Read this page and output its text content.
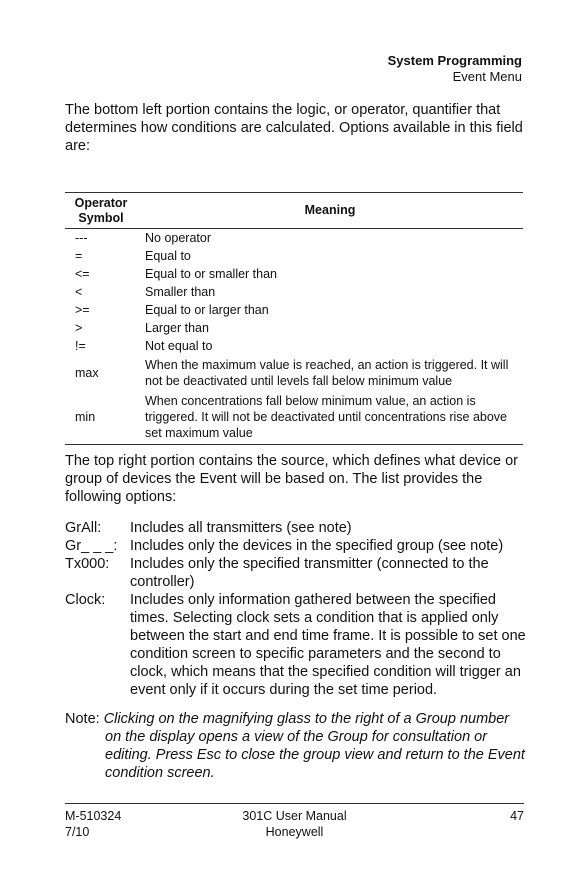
System Programming
Event Menu

The bottom left portion contains the logic, or operator, quantifier that determines how conditions are calculated. Options available in this field are:

Operator
Symbol	Meaning
---	No operator
=	Equal to
<=	Equal to or smaller than
<	Smaller than
>=	Equal to or larger than
>	Larger than
!=	Not equal to
max	When the maximum value is reached, an action is triggered. It will not be deactivated until levels fall below minimum value
min	When concentrations fall below minimum value, an action is triggered. It will not be deactivated until concentrations rise above set maximum value

The top right portion contains the source, which defines what device or group of devices the Event will be based on. The list provides the following options:

GrAll:	Includes all transmitters (see note)
Gr_ _ _: Includes only the devices in the specified group (see note)
Tx000:	Includes only the specified transmitter (connected to the controller)
Clock:	Includes only information gathered between the specified times. Selecting clock sets a condition that is applied only between the start and end time frame. It is possible to set one condition screen to specific parameters and the second to clock, which means that the specified condition will trigger an event only if it occurs during the set time period.
Note: Clicking on the magnifying glass to the right of a Group number on the display opens a view of the Group for consultation or editing. Press Esc to close the group view and return to the Event condition screen.
M-510324
7/10
301C User Manual
Honeywell
47
